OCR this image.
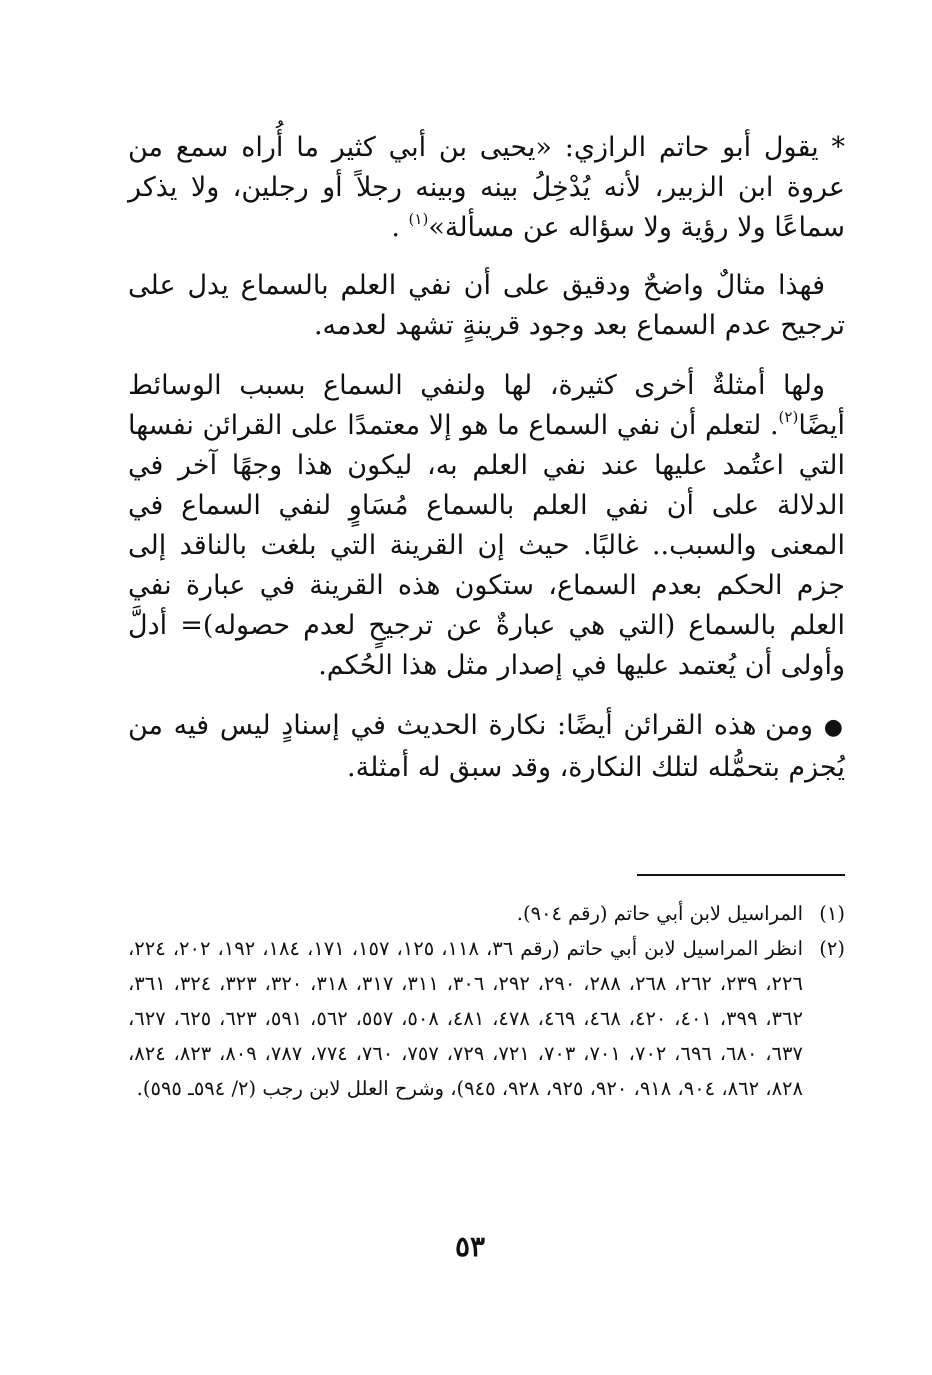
* يقول أبو حاتم الرازي: «يحيى بن أبي كثير ما أُراه سمع من عروة ابن الزبير، لأنه يُدْخِلُ بينه وبينه رجلاً أو رجلين، ولا يذكر سماعًا ولا رؤية ولا سؤاله عن مسألة»$^{(١)}$ .

فهذا مثالٌ واضحٌ ودقيق على أن نفي العلم بالسماع يدل على ترجيح عدم السماع بعد وجود قرينةٍ تشهد لعدمه.

ولها أمثلةٌ أخرى كثيرة، لها ولنفي السماع بسبب الوسائط أيضًا$^{(٢)}$. لتعلم أن نفي السماع ما هو إلا معتمدًا على القرائن نفسها التي اعتُمد عليها عند نفي العلم به، ليكون هذا وجهًا آخر في الدلالة على أن نفي العلم بالسماع مُسَاوٍ لنفي السماع في المعنى والسبب.. غالبًا. حيث إن القرينة التي بلغت بالناقد إلى جزم الحكم بعدم السماع، ستكون هذه القرينة في عبارة نفي العلم بالسماع (التي هي عبارةٌ عن ترجيحٍ لعدم حصوله)= أدلَّ وأولى أن يُعتمد عليها في إصدار مثل هذا الحُكم.

● ومن هذه القرائن أيضًا: نكارة الحديث في إسنادٍ ليس فيه من يُجزم بتحمُّله لتلك النكارة، وقد سبق له أمثلة.

(١)
المراسيل لابن أبي حاتم (رقم ٩٠٤).
(٢)
انظر المراسيل لابن أبي حاتم (رقم ٣٦، ١١٨، ١٢٥، ١٥٧، ١٧١، ١٨٤، ١٩٢، ٢٠٢، ٢٢٤، ٢٢٦، ٢٣٩، ٢٦٢، ٢٦٨، ٢٨٨، ٢٩٠، ٢٩٢، ٣٠٦، ٣١١، ٣١٧، ٣١٨، ٣٢٠، ٣٢٣، ٣٢٤، ٣٦١، ٣٦٢، ٣٩٩، ٤٠١، ٤٢٠، ٤٦٨، ٤٦٩، ٤٧٨، ٤٨١، ٥٠٨، ٥٥٧، ٥٦٢، ٥٩١، ٦٢٣، ٦٢٥، ٦٢٧، ٦٣٧، ٦٨٠، ٦٩٦، ٧٠٢، ٧٠١، ٧٠٣، ٧٢١، ٧٢٩، ٧٥٧، ٧٦٠، ٧٧٤، ٧٨٧، ٨٠٩، ٨٢٣، ٨٢٤، ٨٢٨، ٨٦٢، ٩٠٤، ٩١٨، ٩٢٠، ٩٢٥، ٩٢٨، ٩٤٥)، وشرح العلل لابن رجب (٢/ ٥٩٤ـ ٥٩٥).
٥٣
